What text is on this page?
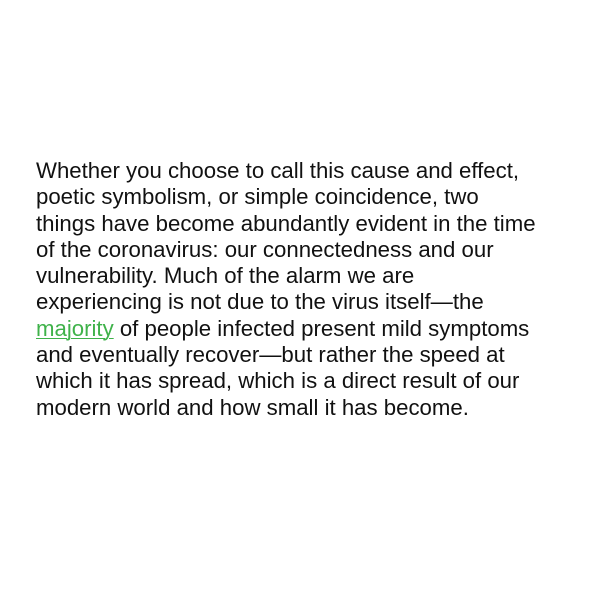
Whether you choose to call this cause and effect,
poetic symbolism, or simple coincidence, two
things have become abundantly evident in the time
of the coronavirus: our connectedness and our
vulnerability. Much of the alarm we are
experiencing is not due to the virus itself—the
majority of people infected present mild symptoms
and eventually recover—but rather the speed at
which it has spread, which is a direct result of our
modern world and how small it has become.
